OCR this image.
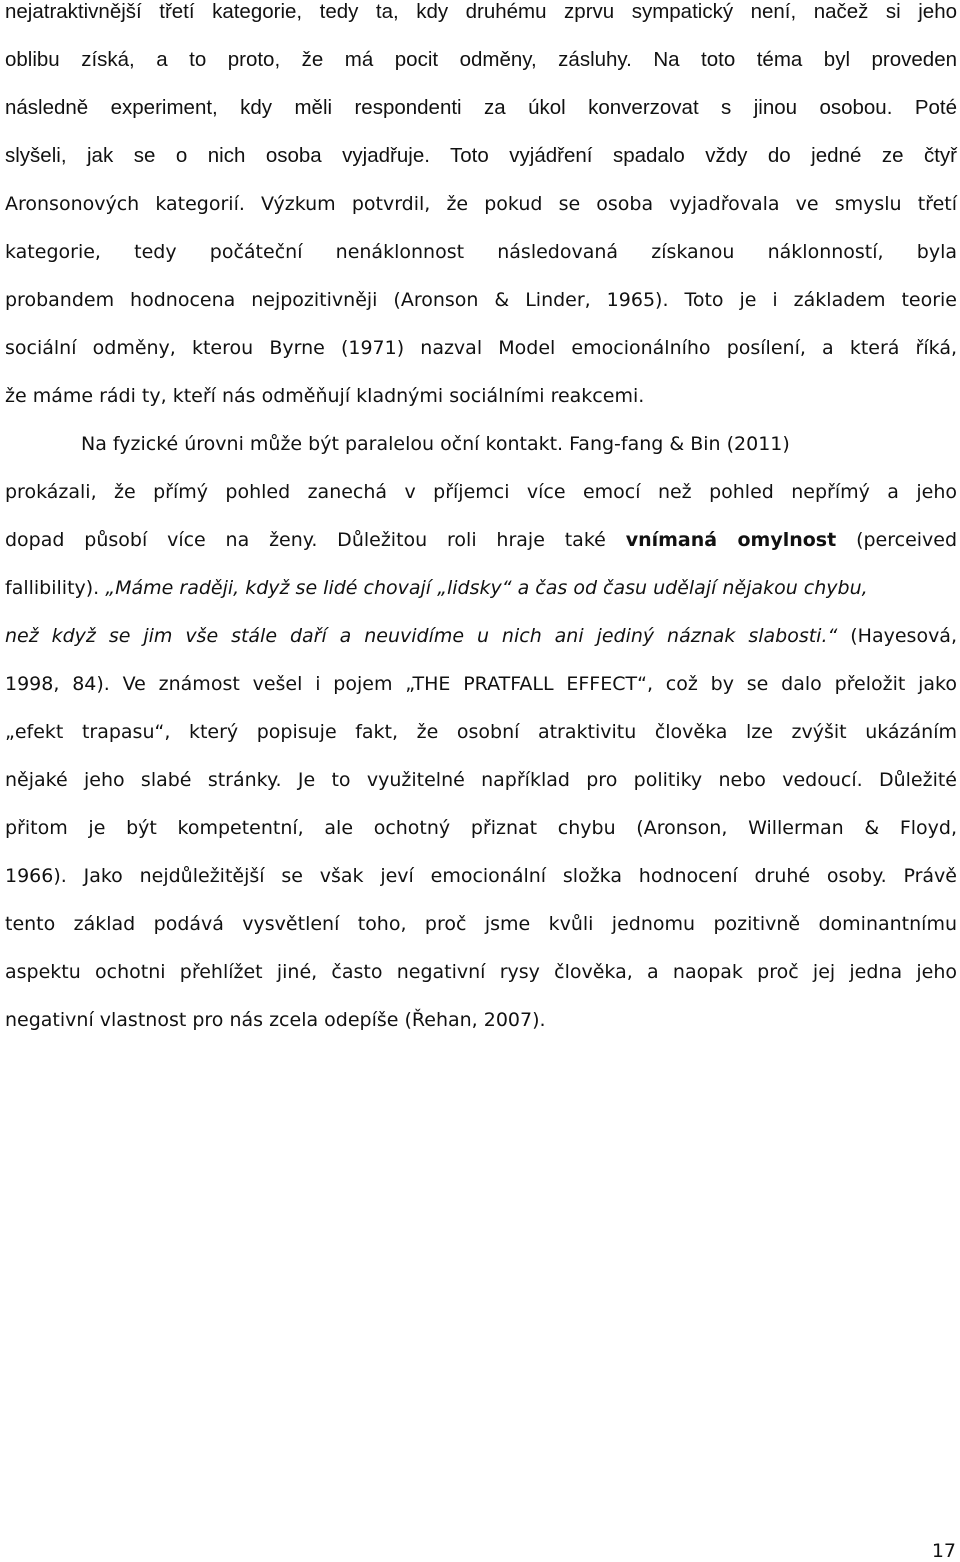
nejatraktivnější třetí kategorie, tedy ta, kdy druhému zprvu sympatický není, načež si jeho
oblibu získá, a to proto, že má pocit odměny, zásluhy. Na toto téma byl proveden
následně experiment, kdy měli respondenti za úkol konverzovat s jinou osobou. Poté
slyšeli, jak se o nich osoba vyjadřuje. Toto vyjádření spadalo vždy do jedné ze čtyř
Aronsonových kategorií. Výzkum potvrdil, že pokud se osoba vyjadřovala ve smyslu třetí
kategorie, tedy počáteční nenáklonnost následovaná získanou náklonností, byla
probandem hodnocena nejpozitivněji (Aronson & Linder, 1965). Toto je i základem teorie
sociální odměny, kterou Byrne (1971) nazval Model emocionálního posílení, a která říká,
že máme rádi ty, kteří nás odměňují kladnými sociálními reakcemi.
Na fyzické úrovni může být paralelou oční kontakt. Fang-fang & Bin (2011)
prokázali, že přímý pohled zanechá v příjemci více emocí než pohled nepřímý a jeho
dopad působí více na ženy. Důležitou roli hraje také vnímaná omylnost (perceived
fallibility). „Máme raději, když se lidé chovají „lidsky“ a čas od času udělají nějakou chybu,
než když se jim vše stále daří a neuvidíme u nich ani jediný náznak slabosti.“ (Hayesová,
1998, 84). Ve známost vešel i pojem „THE PRATFALL EFFECT“, což by se dalo přeložit jako
„efekt trapasu“, který popisuje fakt, že osobní atraktivitu člověka lze zvýšit ukázáním
nějaké jeho slabé stránky. Je to využitelné například pro politiky nebo vedoucí. Důležité
přitom je být kompetentní, ale ochotný přiznat chybu (Aronson, Willerman & Floyd,
1966). Jako nejdůležitější se však jeví emocionální složka hodnocení druhé osoby. Právě
tento základ podává vysvětlení toho, proč jsme kvůli jednomu pozitivně dominantnímu
aspektu ochotni přehlížet jiné, často negativní rysy člověka, a naopak proč jej jedna jeho
negativní vlastnost pro nás zcela odepíše (Řehan, 2007).
17
